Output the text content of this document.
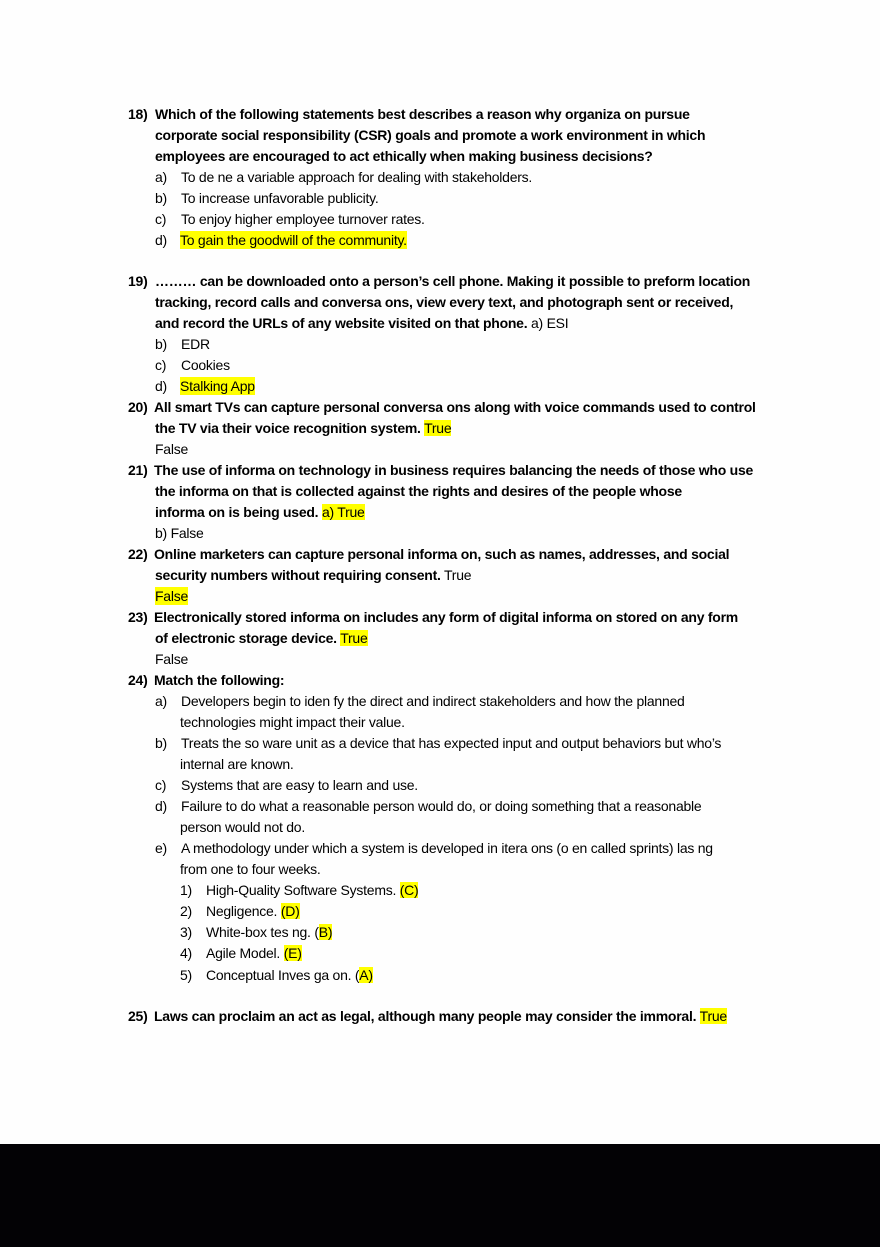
18) Which of the following statements best describes a reason why organiza on pursue
corporate social responsibility (CSR) goals and promote a work environment in which
employees are encouraged to act ethically when making business decisions?
a) To de ne a variable approach for dealing with stakeholders.
b) To increase unfavorable publicity.
c) To enjoy higher employee turnover rates.
d) To gain the goodwill of the community.
19) ……… can be downloaded onto a person’s cell phone. Making it possible to preform location
tracking, record calls and conversa ons, view every text, and photograph sent or received,
and record the URLs of any website visited on that phone. a) ESI
b) EDR
c) Cookies
d) Stalking App
20) All smart TVs can capture personal conversa ons along with voice commands used to control
the TV via their voice recognition system. True
False
21) The use of informa on technology in business requires balancing the needs of those who use
the informa on that is collected against the rights and desires of the people whose
informa on is being used. a) True
b) False
22) Online marketers can capture personal informa on, such as names, addresses, and social
security numbers without requiring consent. True
False
23) Electronically stored informa on includes any form of digital informa on stored on any form
of electronic storage device. True
False
24) Match the following:
a) Developers begin to iden fy the direct and indirect stakeholders and how the planned
technologies might impact their value.
b) Treats the so ware unit as a device that has expected input and output behaviors but who’s
internal are known.
c) Systems that are easy to learn and use.
d) Failure to do what a reasonable person would do, or doing something that a reasonable
person would not do.
e) A methodology under which a system is developed in itera ons (o en called sprints) las ng
from one to four weeks.
1) High-Quality Software Systems. (C)
2) Negligence. (D)
3) White-box tes ng. (B)
4) Agile Model. (E)
5) Conceptual Inves ga on. (A)
25) Laws can proclaim an act as legal, although many people may consider the immoral. True
